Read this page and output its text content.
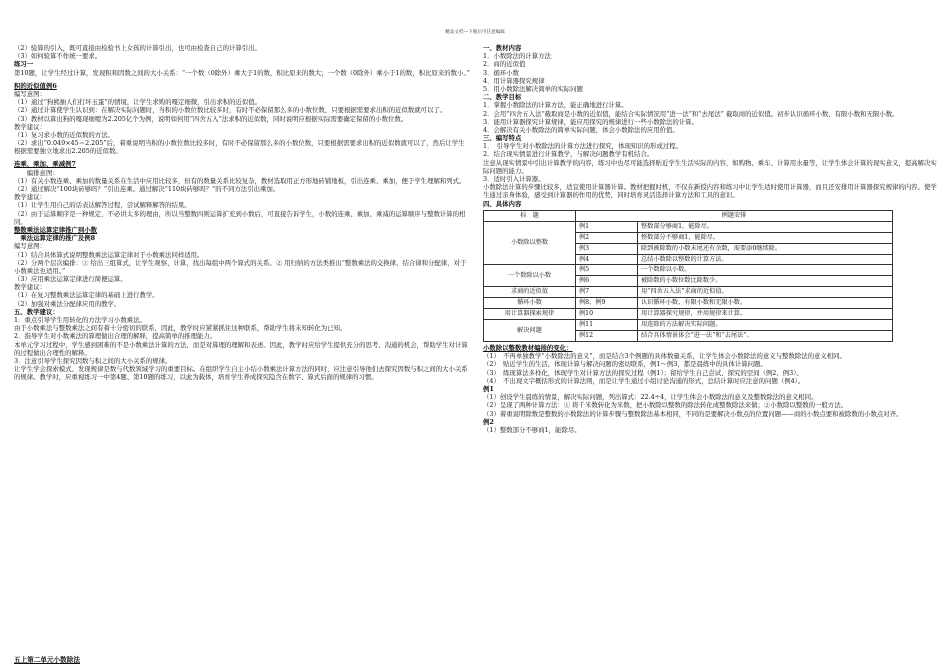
精品文档---下载后可任意编辑
（2）验算的引入，既可直接由检验书上女孩的计算引出，也可由检查自己的计算引出。
（3）如何验算不作统一要求。
练习一
第10题，让学生经过计算，发现积和因数之间的大小关系：“一个数（0除外）乘大于1的数，积比原来的数大；一个数（0除外）乘小于1的数，积比原来的数小。”
积的近似值例6
编写意图：
（1）通过“狗熊抽人们打坏玉蛋”的情境，让学生求购的嘎定细微，引出求积的近似值。
（2）通过计算使学生认识到：在解决实际问题时，当积的小数位数比较多时，有时不必保留那么多的小数位数，只要根据需要求出积的近似数就可以了。
（3）教材以算出狗的嘎现细嗯为2.205亿个为例，说明如何用“四舍五入”法求积的近似数，同时说明应根据实际需要确定保留的小数位数。
教学建议：
（1）复习求小数的近似数的方法。
（2）求出“0.049×45＝2.205”后，着重说明当积的小数位数比较多时，有时不必保留那么多的小数位数，只要根据需要求出积的近似数就可以了，然后让学生根据需要独立地求出2.205的近似数。
连乘、乘加、乘减例7
　　编排意图：
（1）有关小数连乘、乘加的数量关系在生活中应用比较多，但有的数量关系比较复杂，教材选取用正方形地砖铺地板，引出连乘、乘加，便于学生理解和列式。
（2）通过解决“100块砖够吗？”引出连乘。通过解决“110块砖够吗？”的不同方法引出乘加。
教学建议：
（1）让学生用自己的话表达解答过程，尝试解释解答的结果。
（2）由于运算顺序是一种规定，不必讲太多的理由，所以当整数四则运算扩充到小数后，可直接告诉学生，小数的连乘、乘加、乘减的运算顺序与整数计算的相同。
整数乘法运算定律推广到小数
　乘法运算定律的推广及例8
编写意图：
（1）结合具体算式说明整数乘法运算定律对于小数乘法同样适用。
（2）分两个层次编排：① 给出三组算式，让学生观察、计算，找出每组中两个算式的关系。② 用归纳的方法类推出“整数乘法的交换律、结合律和分配律，对于小数乘法也适用。”
（3）应用乘法运算定律进行简便运算。
教学建议：
（1）在复习整数乘法运算定律的基础上进行教学。
（2）加强对乘法分配律应用的教学。
五、教学建议：
1．重点引导学生用转化的方法学习小数乘法。
由于小数乘法与整数乘法之间有着十分密切的联系，因此，教学时应紧紧抓住这种联系，帮助学生将未知转化为已知。
2．指导学生对小数乘法的算理做出合理的解释，提高简单的推理能力。
本单元学习过程中，学生感到困难的不是小数乘法计算的方法，而是对算理的理解和表述。因此，教学时应给学生提供充分的思考、沟通的机会，帮助学生对计算的过程做出合理性的解释。
3．注意引导学生探究因数与积之间的大小关系的规律。
让学生学会探索模式、发现规律是数与代数领域学习的重要目标。在组织学生自主小结小数乘法计算方法的同时，应注意引导他们去探究因数与积之间的大小关系的规律。教学时，应重视练习一中第4题、第10题的练习，以此为载体，培育学生养成探究隐含在数字、算式后面的规律的习惯。
五上第二单元小数除法
一、教材内容
1．小数除法的计算方法
2．商的近似值
3．循环小数
4．用计算器探究规律
5．用小数除法解决简单的实际问题
二、教学目标
1．掌握小数除法的计算方法，能正确地进行计算。
2．会用“四舍五入法”截取商是小数的近似值，能结合实际情况用“进一法”和“去尾法” 截取商的近似值。初步认识循环小数、有限小数和无限小数。
3．能用计算器探究计算规律，能应用探究的规律进行一些小数除法的计算。
4．会解决有关小数除法的简单实际问题，体会小数除法的应用价值。
三、编写特点
1．　引导学生对小数除法的计算方法进行探究，体现知识的形成过程。
2．结合现实情景进行计算教学，与解决问题教学有机结合。
注意从现实情景中引出计算教学的内容，练习中也尽可能选择贴近学生生活实际的内容，如购物、乘车、计算用水量等，让学生体会计算的现实意义，提高解决实际问题的能力。
3．适时引入计算器。
小数除法计算的步骤比较多，适宜使用计算器计算。教材把握时机，不仅在新授内容和练习中让学生适时使用计算器，而且还安排用计算器探究规律的内容。使学生通过亲身体验，感受到计算器的作用的优势，同时培育灵活选择计算方法和工具的意识。
四、具体内容
标　题	例题安排	
小数除以整数	例1	整数部分够商1，能除尽。
	例2	整数部分不够商1，能除尽。
	例3	除到被除数的小数末尾还有余数，需要添0继续除。
	例4	总结小数除以整数的计算方法。
一个数除以小数	例5	一个数除以小数。
	例6	被除数的小数位数比除数少。
求商的近似值	例7	用“四舍五入法”求商的近似值。
循环小数	例8、例9	认识循环小数、有限小数和无限小数。
用计算器探索规律	例10	用计算器探究规律，并用规律来计算。
解决问题	例11	用连除的方法解决实际问题。
	例12	结合具体情景体会“进一法”和“去尾法”。
小数除以整数教材编排的变化：
（1）　不再单独教学“小数除法的意义”，而是结合3个例题的具体数量关系，让学生体会小数除法的意义与整数除法的意义相同。
（2）　贴近学生的生活，体现计算与解决问题的密切联系，例1～例3，都是晨练中的具体计算问题。
（3）　练现算法多样化，体现学生对计算方法的探究过程（例1）；留给学生自己尝试、探究的空间（例2、例3）。
（4）　不出现文字概括形式的计算法则，而是让学生通过小组讨论沟通的形式，总结计算时应注意的问题（例4）。
例1
（1）创设学生晨练的情景，解决实际问题，列出算式：22.4÷4，让学生体会小数除法的意义及整数除法的意义相同。
（2）呈现了两种计算方法：① 将千米数转化为米数，把小数除以整数的除法转化成整数除法来做；②小数除以整数的一般方法。
（3）着重说明除数是整数的小数除法的计算步骤与整数除法基本相同，不同的是要解决小数点的位置问题——商的小数点要和被除数的小数点对齐。
例2
（1）整数部分不够商1，能除尽。
